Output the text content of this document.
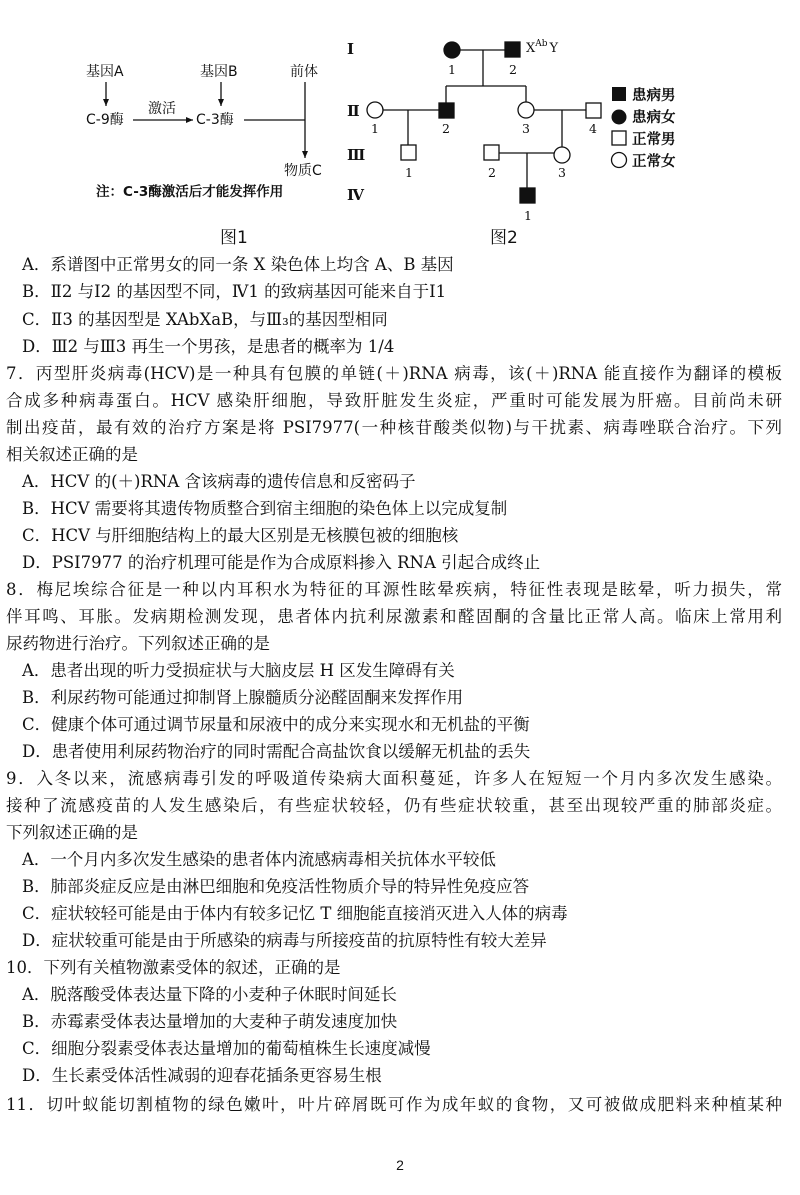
基因A	基因B	前体
C-9酶
激活
C-3酶
物质C
注：C-3酶激活后才能发挥作用
图1
Ⅰ
Ⅱ
Ⅲ
Ⅳ
$X^{Ab}$ Y
1	2
1	2	3	4
1	2	3
1
患病男
患病女
正常男
正常女
图2
A．系谱图中正常男女的同一条 X 染色体上均含 A、B 基因
B．Ⅱ2 与Ⅰ2 的基因型不同，Ⅳ1 的致病基因可能来自于Ⅰ1
C．Ⅱ3 的基因型是 XAbXaB，与Ⅲ₃的基因型相同
D．Ⅲ2 与Ⅲ3 再生一个男孩，是患者的概率为 1/4
7．丙型肝炎病毒(HCV)是一种具有包膜的单链(＋)RNA 病毒，该(＋)RNA 能直接作为翻译的模板
合成多种病毒蛋白。HCV 感染肝细胞，导致肝脏发生炎症，严重时可能发展为肝癌。目前尚未研
制出疫苗，最有效的治疗方案是将 PSI7977(一种核苷酸类似物)与干扰素、病毒唑联合治疗。下列
相关叙述正确的是
A．HCV 的(＋)RNA 含该病毒的遗传信息和反密码子
B．HCV 需要将其遗传物质整合到宿主细胞的染色体上以完成复制
C．HCV 与肝细胞结构上的最大区别是无核膜包被的细胞核
D．PSI7977 的治疗机理可能是作为合成原料掺入 RNA 引起合成终止
8．梅尼埃综合征是一种以内耳积水为特征的耳源性眩晕疾病，特征性表现是眩晕，听力损失，常
伴耳鸣、耳胀。发病期检测发现，患者体内抗利尿激素和醛固酮的含量比正常人高。临床上常用利
尿药物进行治疗。下列叙述正确的是
A．患者出现的听力受损症状与大脑皮层 H 区发生障碍有关
B．利尿药物可能通过抑制肾上腺髓质分泌醛固酮来发挥作用
C．健康个体可通过调节尿量和尿液中的成分来实现水和无机盐的平衡
D．患者使用利尿药物治疗的同时需配合高盐饮食以缓解无机盐的丢失
9．入冬以来，流感病毒引发的呼吸道传染病大面积蔓延，许多人在短短一个月内多次发生感染。
接种了流感疫苗的人发生感染后，有些症状较轻，仍有些症状较重，甚至出现较严重的肺部炎症。
下列叙述正确的是
A．一个月内多次发生感染的患者体内流感病毒相关抗体水平较低
B．肺部炎症反应是由淋巴细胞和免疫活性物质介导的特异性免疫应答
C．症状较轻可能是由于体内有较多记忆 T 细胞能直接消灭进入人体的病毒
D．症状较重可能是由于所感染的病毒与所接疫苗的抗原特性有较大差异
10．下列有关植物激素受体的叙述，正确的是
A．脱落酸受体表达量下降的小麦种子休眠时间延长
B．赤霉素受体表达量增加的大麦种子萌发速度加快
C．细胞分裂素受体表达量增加的葡萄植株生长速度减慢
D．生长素受体活性减弱的迎春花插条更容易生根
11．切叶蚁能切割植物的绿色嫩叶，叶片碎屑既可作为成年蚁的食物，又可被做成肥料来种植某种
2
